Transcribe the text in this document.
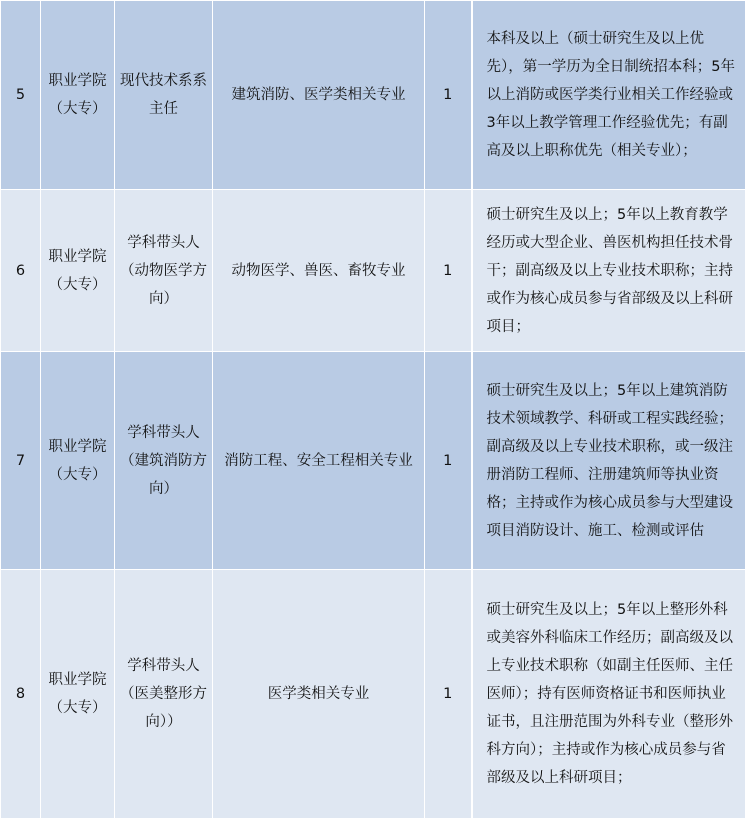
5	职业学院（大专）	现代技术系系主任	建筑消防、医学类相关专业	1	本科及以上（硕士研究生及以上优先），第一学历为全日制统招本科；5年以上消防或医学类行业相关工作经验或3年以上教学管理工作经验优先；有副高及以上职称优先（相关专业）；

6	职业学院（大专）	学科带头人（动物医学方向）	动物医学、兽医、畜牧专业	1	硕士研究生及以上；5年以上教育教学经历或大型企业、兽医机构担任技术骨干；副高级及以上专业技术职称；主持或作为核心成员参与省部级及以上科研项目；

7	职业学院（大专）	学科带头人（建筑消防方向）	消防工程、安全工程相关专业	1	硕士研究生及以上；5年以上建筑消防技术领域教学、科研或工程实践经验；副高级及以上专业技术职称，或一级注册消防工程师、注册建筑师等执业资格；主持或作为核心成员参与大型建设项目消防设计、施工、检测或评估

8	职业学院（大专）	学科带头人（医美整形方向））	医学类相关专业	1	硕士研究生及以上；5年以上整形外科或美容外科临床工作经历；副高级及以上专业技术职称（如副主任医师、主任医师）；持有医师资格证书和医师执业证书，且注册范围为外科专业（整形外科方向）；主持或作为核心成员参与省部级及以上科研项目；
